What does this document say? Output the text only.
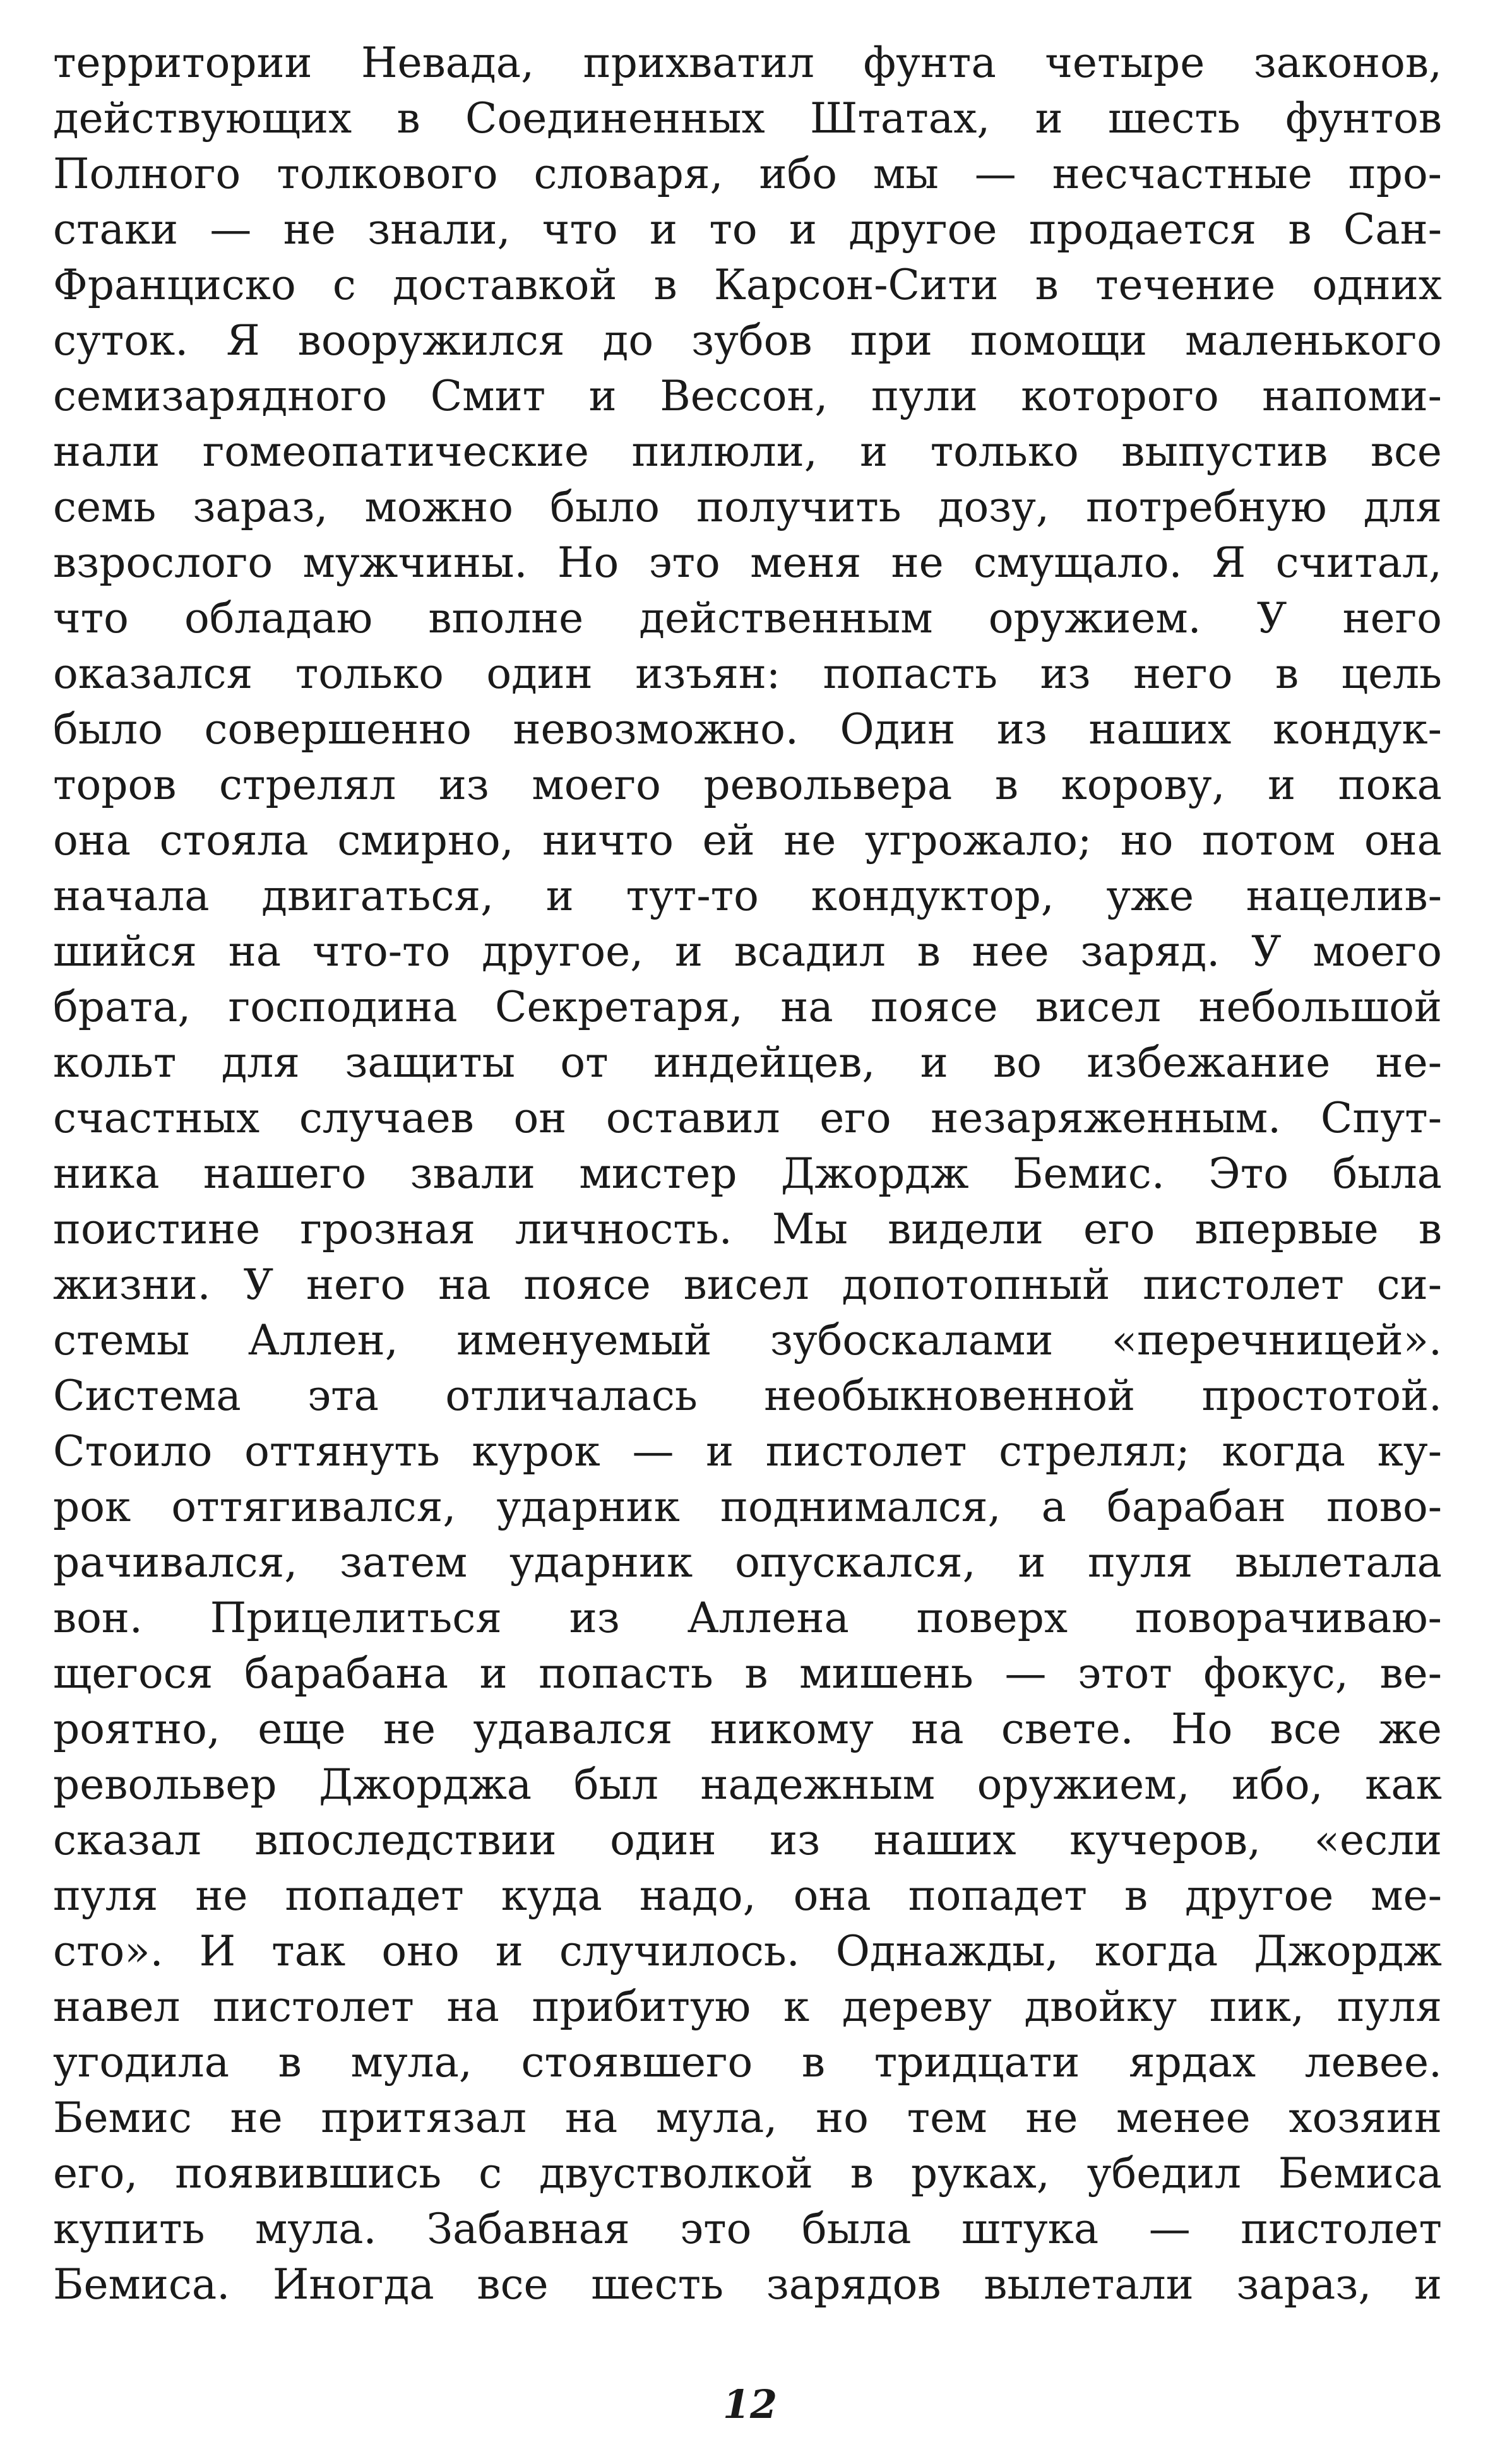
территории Невада, прихватил фунта четыре законов,
действующих в Соединенных Штатах, и шесть фунтов
Полного толкового словаря, ибо мы — несчастные про-
стаки — не знали, что и то и другое продается в Сан-
Франциско с доставкой в Карсон-Сити в течение одних
суток. Я вооружился до зубов при помощи маленького
семизарядного Смит и Вессон, пули которого напоми-
нали гомеопатические пилюли, и только выпустив все
семь зараз, можно было получить дозу, потребную для
взрослого мужчины. Но это меня не смущало. Я считал,
что обладаю вполне действенным оружием. У него
оказался только один изъян: попасть из него в цель
было совершенно невозможно. Один из наших кондук-
торов стрелял из моего револьвера в корову, и пока
она стояла смирно, ничто ей не угрожало; но потом она
начала двигаться, и тут-то кондуктор, уже нацелив-
шийся на что-то другое, и всадил в нее заряд. У моего
брата, господина Секретаря, на поясе висел небольшой
кольт для защиты от индейцев, и во избежание не-
счастных случаев он оставил его незаряженным. Спут-
ника нашего звали мистер Джордж Бемис. Это была
поистине грозная личность. Мы видели его впервые в
жизни. У него на поясе висел допотопный пистолет си-
стемы Аллен, именуемый зубоскалами «перечницей».
Система эта отличалась необыкновенной простотой.
Стоило оттянуть курок — и пистолет стрелял; когда ку-
рок оттягивался, ударник поднимался, а барабан пово-
рачивался, затем ударник опускался, и пуля вылетала
вон. Прицелиться из Аллена поверх поворачиваю-
щегося барабана и попасть в мишень — этот фокус, ве-
роятно, еще не удавался никому на свете. Но все же
револьвер Джорджа был надежным оружием, ибо, как
сказал впоследствии один из наших кучеров, «если
пуля не попадет куда надо, она попадет в другое ме-
сто». И так оно и случилось. Однажды, когда Джордж
навел пистолет на прибитую к дереву двойку пик, пуля
угодила в мула, стоявшего в тридцати ярдах левее.
Бемис не притязал на мула, но тем не менее хозяин
его, появившись с двустволкой в руках, убедил Бемиса
купить мула. Забавная это была штука — пистолет
Бемиса. Иногда все шесть зарядов вылетали зараз, и
12
